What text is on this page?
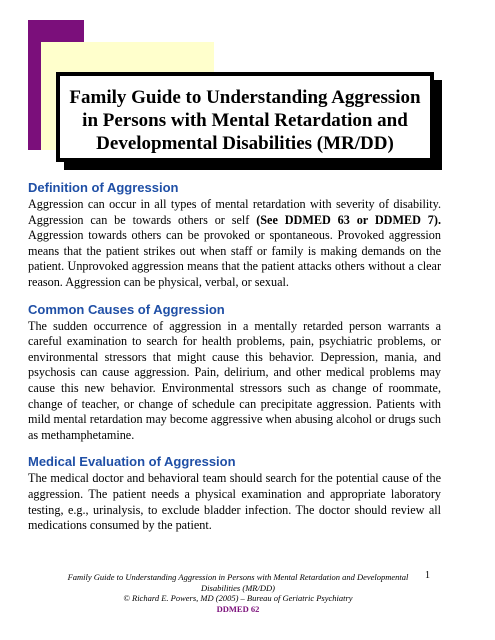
Family Guide to Understanding Aggression
in Persons with Mental Retardation and
Developmental Disabilities (MR/DD)
Definition of Aggression
Aggression can occur in all types of mental retardation with severity of disability. Aggression can be towards others or self (See DDMED 63 or DDMED 7). Aggression towards others can be provoked or spontaneous. Provoked aggression means that the patient strikes out when staff or family is making demands on the patient. Unprovoked aggression means that the patient attacks others without a clear reason. Aggression can be physical, verbal, or sexual.
Common Causes of Aggression
The sudden occurrence of aggression in a mentally retarded person warrants a careful examination to search for health problems, pain, psychiatric problems, or environmental stressors that might cause this behavior. Depression, mania, and psychosis can cause aggression. Pain, delirium, and other medical problems may cause this new behavior. Environmental stressors such as change of roommate, change of teacher, or change of schedule can precipitate aggression. Patients with mild mental retardation may become aggressive when abusing alcohol or drugs such as methamphetamine.
Medical Evaluation of Aggression
The medical doctor and behavioral team should search for the potential cause of the aggression. The patient needs a physical examination and appropriate laboratory testing, e.g., urinalysis, to exclude bladder infection. The doctor should review all medications consumed by the patient.
Family Guide to Understanding Aggression in Persons with Mental Retardation and Developmental Disabilities (MR/DD)
© Richard E. Powers, MD (2005) – Bureau of Geriatric Psychiatry
DDMED 62
1
